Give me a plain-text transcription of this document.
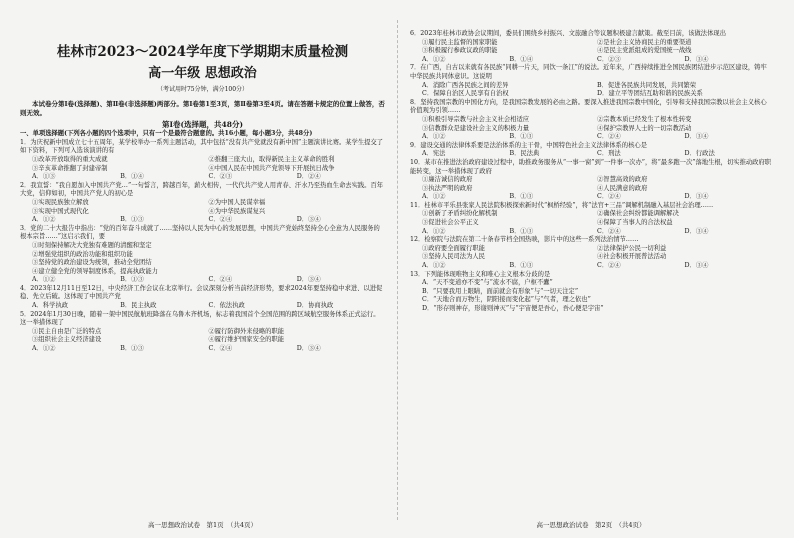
桂林市2023～2024学年度下学期期末质量检测
高一年级 思想政治
（考试用时75分钟，满分100分）
本试卷分第Ⅰ卷(选择题)、第Ⅱ卷(非选择题)两部分。第Ⅰ卷第1至3页，第Ⅱ卷第3至4页。请在答题卡规定的位置上做答，否则无效。
第Ⅰ卷(选择题，共48分)
一、单项选择题(下列各小题的四个选项中，只有一个是最符合题意的。共16小题，每小题3分，共48分)
1．为庆祝新中国成立七十五周年，某学校举办一系列主题活动，其中包括“没有共产党就没有新中国”主题演讲比赛。某学生提交了如下资料，下列可入选该演讲的有
①改革开放取得的重大成就	②推翻三座大山，取得新民主主义革命的胜利
③辛亥革命推翻了封建帝制	④中国人民在中国共产党领导下开展抗日战争
A．①③	B．①④	C．②③	D．②④
2．我宣誓：“我自愿加入中国共产党…”一句誓言，跨越百年，薪火相传，一代代共产党人用青春、汗水乃至热血生命去实践。百年大党，信仰如初，中国共产党人的初心是
①实现民族独立解放	②为中国人民谋幸福
③实现中国式现代化	④为中华民族谋复兴
A．①②	B．①③	C．②④	D．③④
3．党的二十大报告中指出：“党的百年奋斗成就了……坚持以人民为中心的发展思想，中国共产党始终坚持全心全意为人民服务的根本宗旨……”这启示我们，要
①时刻保持解决大党独有难题的清醒和坚定
②增强党组织的政治功能和组织功能
③坚持党的政治建设为统领，推动全党团结
④建立健全党的领导制度体系，提高执政能力
A．①②	B．①③	C．②④	D．③④
4．2023年12月11日至12日，中央经济工作会议在北京举行。会议深刻分析当前经济形势，要求2024年要坚持稳中求进、以进促稳、先立后破。这体现了中国共产党
A．科学执政	B．民主执政	C．依法执政	D．协商执政
5．2024年1月30日晚，随着一架中国民航航班降落在乌鲁木齐机场，标志着我国首个全国范围的跨区域航空服务体系正式运行。这一举措体现了
①民主自由是广泛的特点	②履行防御外来侵略的职能
③组织社会主义经济建设	④履行维护国家安全的职能
A．①②	B．①③	C．②④	D．③④
6．2023年桂林市政协会议期间，委员们围绕乡村振兴、文旅融合等议题积极建言献策。截至目前，该做法体现出
①履行民主监督的国家职能	②是社会主义协商民主的重要渠道
③积极履行参政议政的职能	④是民主党派组成的爱国统一战线
A．①②	B．①④	C．②③	D．③④
7．在广西，自古以来就有各民族“同耕一片天，同饮一条江”的说法。近年来，广西持续推进全国民族团结进步示范区建设，铸牢中华民族共同体意识。这说明
A．消除广西各民族之间的差异	B．促进各民族共同发展，共同繁荣
C．保障自治区人民享有自治权	D．建立平等团结互助和谐的民族关系
8．坚持我国宗教的中国化方向，是我国宗教发展的必由之路。要深入推进我国宗教中国化，引导和支持我国宗教以社会主义核心价值观为引领……
①积极引导宗教与社会主义社会相适应	②宗教本质已经发生了根本性转变
③信教群众是建设社会主义的积极力量	④保护宗教界人士的一切宗教活动
A．①②	B．①③	C．②④	D．③④
9．建设交通的法律体系要是法治体系的主干骨，中国特色社会主义法律体系的核心是
A．宪法	B．民法典	C．刑法	D．行政法
10．某市在推进法治政府建设过程中，助推政务服务从“一事一窗”到“一件事一次办”，将“最多跑一次”落地生根，切实推动政府职能转变，这一举措体现了政府
①廉洁诚信的政府	②智慧高效的政府
③执法严明的政府	④人民满意的政府
A．①②	B．①③	C．②④	D．③④
11．桂林市平乐县张家人民法院积极探索新时代“枫桥经验”，将“法官+三品”调解机制融入基层社会治理……
①创新了矛盾纠纷化解机制	②确保社会纠纷都能调解解决
③促进社会公平正义	④保障了当事人的合法权益
A．①②	B．①③	C．②④	D．③④
12．检察院与法院在第二十条春节档全国热映，影片中的这些一系列法治情节……
①政府要全面履行职能	②法律保护公民一切利益
③坚持人民司法为人民	④社会积极开展普法活动
A．①②	B．①③	C．②④	D．③④
13．下列能体现唯物主义和唯心主义根本分歧的是
A．“天不变道亦不变”与“流水不腐，户枢不蠹”
B．“只要我用上眼睛，面前就会有形象”与“一切天注定”
C．“天地合而万物生，阴阳接而变化起”与“气者，理之依也”
D．“形存则神存，形谢则神灭”与“宇宙便是吾心，吾心便是宇宙”
高一思想政治试卷　第1页　（共4页）	高一思想政治试卷　第2页　（共4页）
